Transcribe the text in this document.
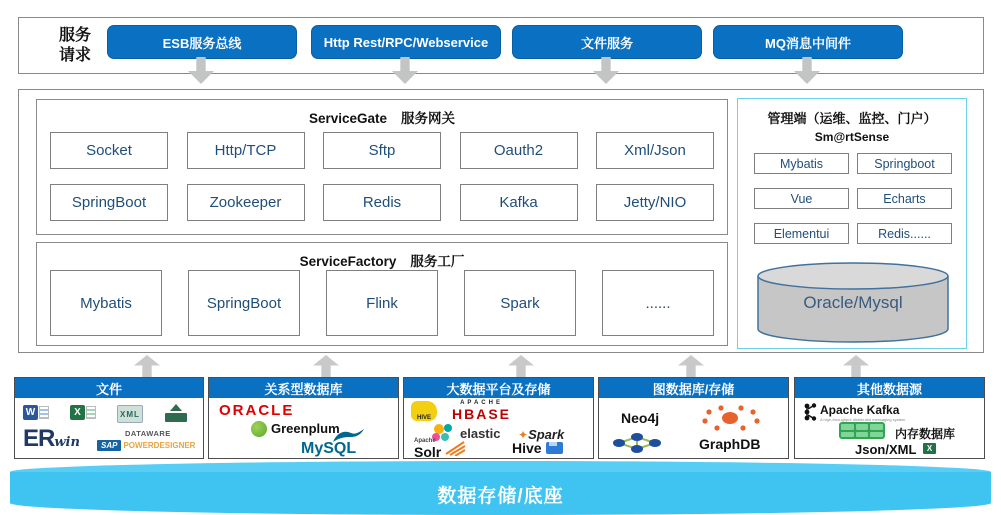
服务
请求
ESB服务总线	Http Rest/RPC/Webservice	文件服务	MQ消息中间件
ServiceGate 服务网关
Socket	Http/TCP	Sftp	Oauth2	Xml/Json
SpringBoot	Zookeeper	Redis	Kafka	Jetty/NIO
ServiceFactory 服务工厂
Mybatis	SpringBoot	Flink	Spark	......
管理端（运维、监控、门户）
Sm@rtSense
Mybatis	Springboot
Vue	Echarts
Elementui	Redis......
Oracle/Mysql
文件
W	X	XML
ERwin
DATAWARE
SAP POWERDESIGNER
关系型数据库
ORACLE
Greenplum
MySQL
大数据平台及存储
HIVE
APACHE
HBASE
elastic ✦Spark
Apache
Solr	Hive
图数据库/存储
Neo4j
GraphDB
其他数据源
Apache Kafka
A high-throughput distributed messaging system
内存数据库
Json/XML	X
数据存储/底座
